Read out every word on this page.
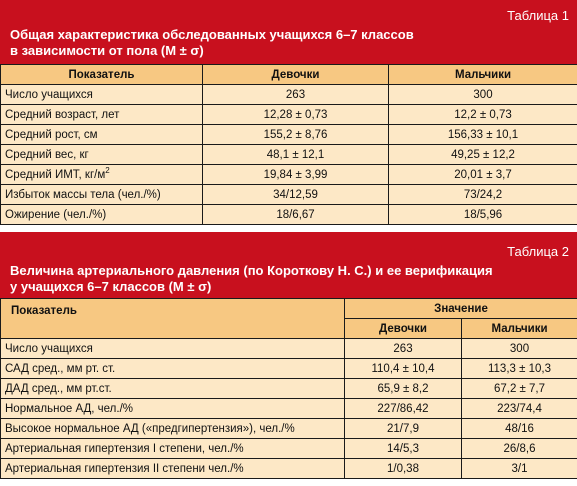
Таблица 1
Общая характеристика обследованных учащихся 6–7 классов
в зависимости от пола (М ± σ)
Показатель	Девочки	Мальчики
Число учащихся	263	300
Средний возраст, лет	12,28 ± 0,73	12,2 ± 0,73
Средний рост, см	155,2 ± 8,76	156,33 ± 10,1
Средний вес, кг	48,1 ± 12,1	49,25 ± 12,2
Средний ИМТ, $кг/м^2$	19,84 ± 3,99	20,01 ± 3,7
Избыток массы тела (чел./%)	34/12,59	73/24,2
Ожирение (чел./%)	18/6,67	18/5,96
Таблица 2
Величина артериального давления (по Короткову Н. С.) и ее верификация
у учащихся 6–7 классов (М ± σ)
Показатель	Значение	
	Девочки	Мальчики
Число учащихся	263	300
САД сред., мм рт. ст.	110,4 ± 10,4	113,3 ± 10,3
ДАД сред., мм рт.ст.	65,9 ± 8,2	67,2 ± 7,7
Нормальное АД, чел./%	227/86,42	223/74,4
Высокое нормальное АД («предгипертензия»), чел./%	21/7,9	48/16
Артериальная гипертензия I степени, чел./%	14/5,3	26/8,6
Артериальная гипертензия II степени чел./%	1/0,38	3/1
